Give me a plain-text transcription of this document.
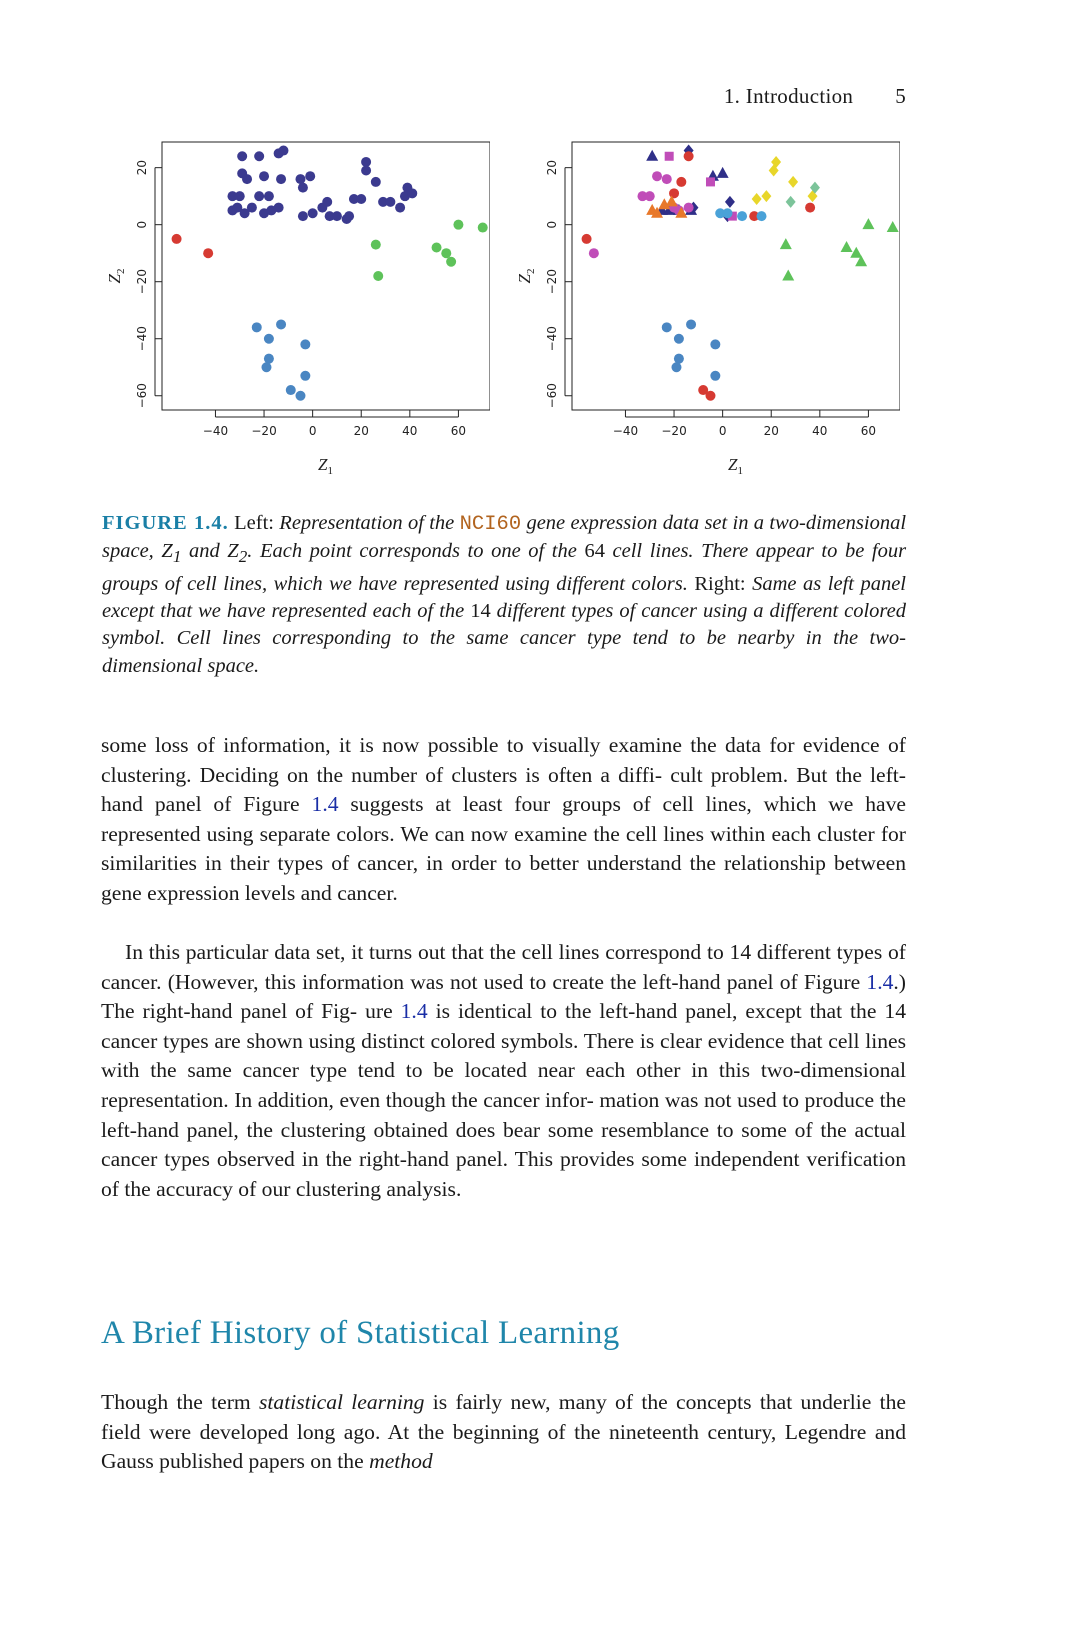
1. Introduction 5
−40 −20	0	20	40	60
−60
−40
−20
0
20
$Z_1$
$Z_2$
−40 −20	0	20	40	60
−60
−40
−20
0
20
$Z_1$
$Z_2$
FIGURE 1.4. Left: Representation of the NCI60 gene expression data set in a two-dimensional space, $Z_1$ and $Z_2$. Each point corresponds to one of the 64 cell lines. There appear to be four groups of cell lines, which we have represented using different colors. Right: Same as left panel except that we have represented each of the 14 different types of cancer using a different colored symbol. Cell lines corresponding to the same cancer type tend to be nearby in the two-dimensional space.
some loss of information, it is now possible to visually examine the data for evidence of clustering. Deciding on the number of clusters is often a diffi- cult problem. But the left-hand panel of Figure 1.4 suggests at least four groups of cell lines, which we have represented using separate colors. We can now examine the cell lines within each cluster for similarities in their types of cancer, in order to better understand the relationship between gene expression levels and cancer.
In this particular data set, it turns out that the cell lines correspond to 14 different types of cancer. (However, this information was not used to create the left-hand panel of Figure 1.4.) The right-hand panel of Fig- ure 1.4 is identical to the left-hand panel, except that the 14 cancer types are shown using distinct colored symbols. There is clear evidence that cell lines with the same cancer type tend to be located near each other in this two-dimensional representation. In addition, even though the cancer infor- mation was not used to produce the left-hand panel, the clustering obtained does bear some resemblance to some of the actual cancer types observed in the right-hand panel. This provides some independent verification of the accuracy of our clustering analysis.
A Brief History of Statistical Learning
Though the term statistical learning is fairly new, many of the concepts that underlie the field were developed long ago. At the beginning of the nineteenth century, Legendre and Gauss published papers on the method
